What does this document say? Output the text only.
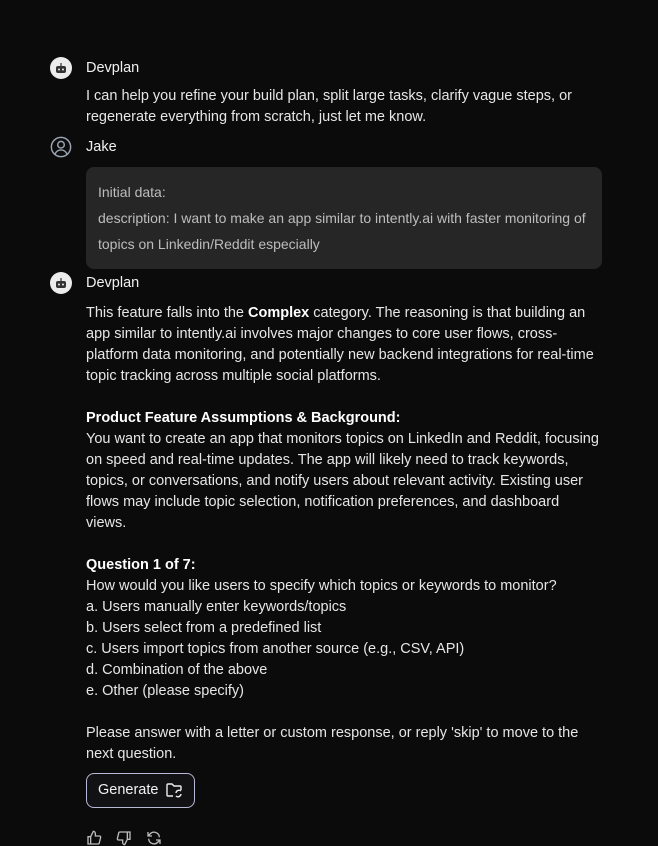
Devplan

I can help you refine your build plan, split large tasks, clarify vague steps, or regenerate everything from scratch, just let me know.

Jake
Initial data:
description: I want to make an app similar to intently.ai with faster monitoring of topics on Linkedin/Reddit especially
Devplan

This feature falls into the Complex category. The reasoning is that building an app similar to intently.ai involves major changes to core user flows, cross-platform data monitoring, and potentially new backend integrations for real-time topic tracking across multiple social platforms.

Product Feature Assumptions & Background:
You want to create an app that monitors topics on LinkedIn and Reddit, focusing on speed and real-time updates. The app will likely need to track keywords, topics, or conversations, and notify users about relevant activity. Existing user flows may include topic selection, notification preferences, and dashboard views.

Question 1 of 7:
How would you like users to specify which topics or keywords to monitor?
a. Users manually enter keywords/topics
b. Users select from a predefined list
c. Users import topics from another source (e.g., CSV, API)
d. Combination of the above
e. Other (please specify)

Please answer with a letter or custom response, or reply 'skip' to move to the next question.

Generate
